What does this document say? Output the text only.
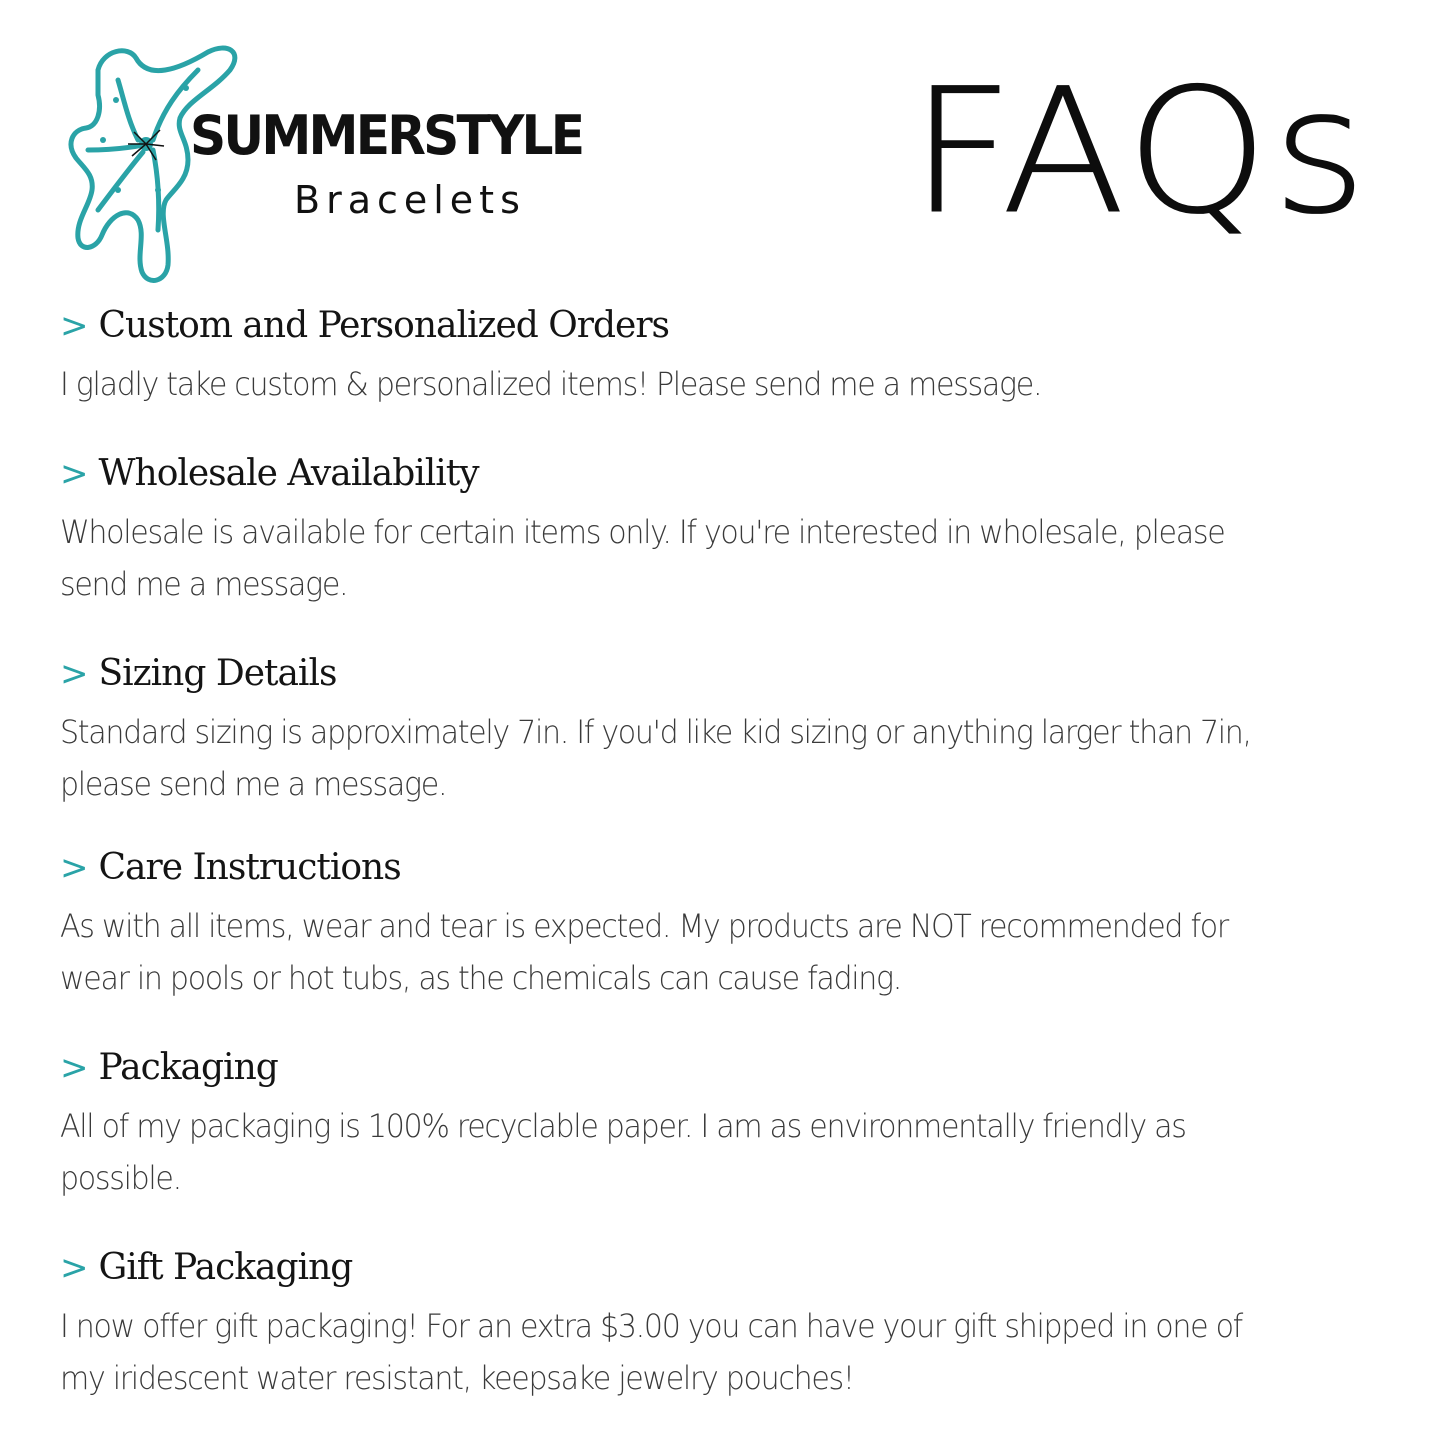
SUMMERSTYLE
Bracelets FAQs
> Custom and Personalized Orders
I gladly take custom & personalized items! Please send me a message.
> Wholesale Availability
Wholesale is available for certain items only. If you're interested in wholesale, please send me a message.
> Sizing Details
Standard sizing is approximately 7in. If you'd like kid sizing or anything larger than 7in, please send me a message.
> Care Instructions
As with all items, wear and tear is expected. My products are NOT recommended for wear in pools or hot tubs, as the chemicals can cause fading.
> Packaging
All of my packaging is 100% recyclable paper. I am as environmentally friendly as possible.
> Gift Packaging
I now offer gift packaging! For an extra $3.00 you can have your gift shipped in one of my iridescent water resistant, keepsake jewelry pouches!
